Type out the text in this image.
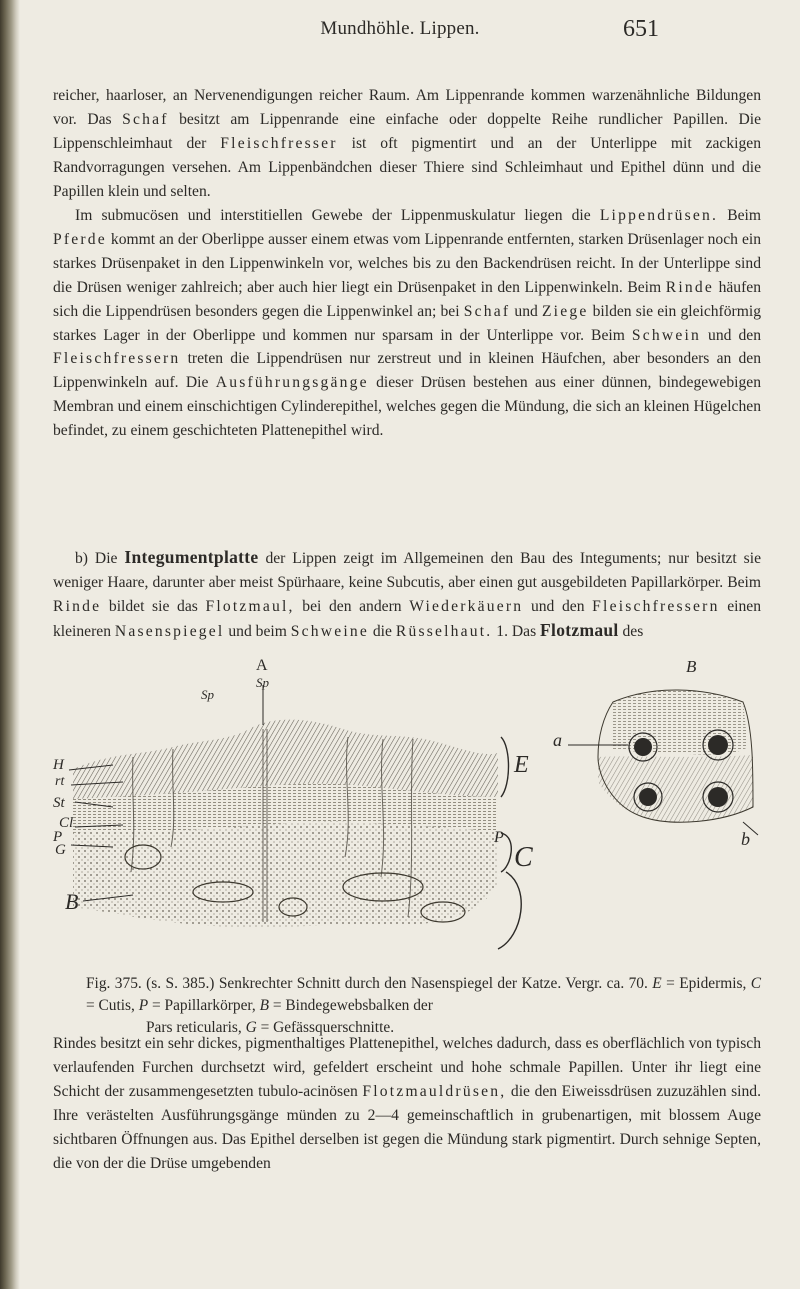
Mundhöhle. Lippen.	651

reicher, haarloser, an Nervenendigungen reicher Raum. Am Lippenrande kommen warzenähnliche Bildungen vor. Das Schaf besitzt am Lippenrande eine einfache oder doppelte Reihe rundlicher Papillen. Die Lippenschleimhaut der Fleischfresser ist oft pigmentirt und an der Unterlippe mit zackigen Randvorragungen versehen. Am Lippenbändchen dieser Thiere sind Schleimhaut und Epithel dünn und die Papillen klein und selten.

Im submucösen und interstitiellen Gewebe der Lippenmuskulatur liegen die Lippendrüsen. Beim Pferde kommt an der Oberlippe ausser einem etwas vom Lippenrande entfernten, starken Drüsenlager noch ein starkes Drüsenpaket in den Lippenwinkeln vor, welches bis zu den Backendrüsen reicht. In der Unterlippe sind die Drüsen weniger zahlreich; aber auch hier liegt ein Drüsenpaket in den Lippenwinkeln. Beim Rinde häufen sich die Lippendrüsen besonders gegen die Lippenwinkel an; bei Schaf und Ziege bilden sie ein gleichförmig starkes Lager in der Oberlippe und kommen nur sparsam in der Unterlippe vor. Beim Schwein und den Fleischfressern treten die Lippendrüsen nur zerstreut und in kleinen Häufchen, aber besonders an den Lippenwinkeln auf. Die Ausführungsgänge dieser Drüsen bestehen aus einer dünnen, bindegewebigen Membran und einem einschichtigen Cylinderepithel, welches gegen die Mündung, die sich an kleinen Hügelchen befindet, zu einem geschichteten Plattenepithel wird.

b) Die Integumentplatte der Lippen zeigt im Allgemeinen den Bau des Integuments; nur besitzt sie weniger Haare, darunter aber meist Spürhaare, keine Subcutis, aber einen gut ausgebildeten Papillarkörper. Beim Rinde bildet sie das Flotzmaul, bei den andern Wiederkäuern und den Fleischfressern einen kleineren Nasenspiegel und beim Schweine die Rüsselhaut. 1. Das Flotzmaul des

A	B
H
rt
St
Cl
P
G
B
Sp
Sp
E
P
C
a
b
Fig. 375. (s. S. 385.) Senkrechter Schnitt durch den Nasenspiegel der Katze. Vergr. ca. 70. E = Epidermis, C = Cutis, P = Papillarkörper, B = Bindegewebsbalken der
Pars reticularis, G = Gefässquerschnitte.

Rindes besitzt ein sehr dickes, pigmenthaltiges Plattenepithel, welches dadurch, dass es oberflächlich von typisch verlaufenden Furchen durchsetzt wird, gefeldert erscheint und hohe schmale Papillen. Unter ihr liegt eine Schicht der zusammengesetzten tubulo-acinösen Flotzmauldrüsen, die den Eiweissdrüsen zuzuzählen sind. Ihre verästelten Ausführungsgänge münden zu 2—4 gemeinschaftlich in grubenartigen, mit blossem Auge sichtbaren Öffnungen aus. Das Epithel derselben ist gegen die Mündung stark pigmentirt. Durch sehnige Septen, die von der die Drüse umgebenden
